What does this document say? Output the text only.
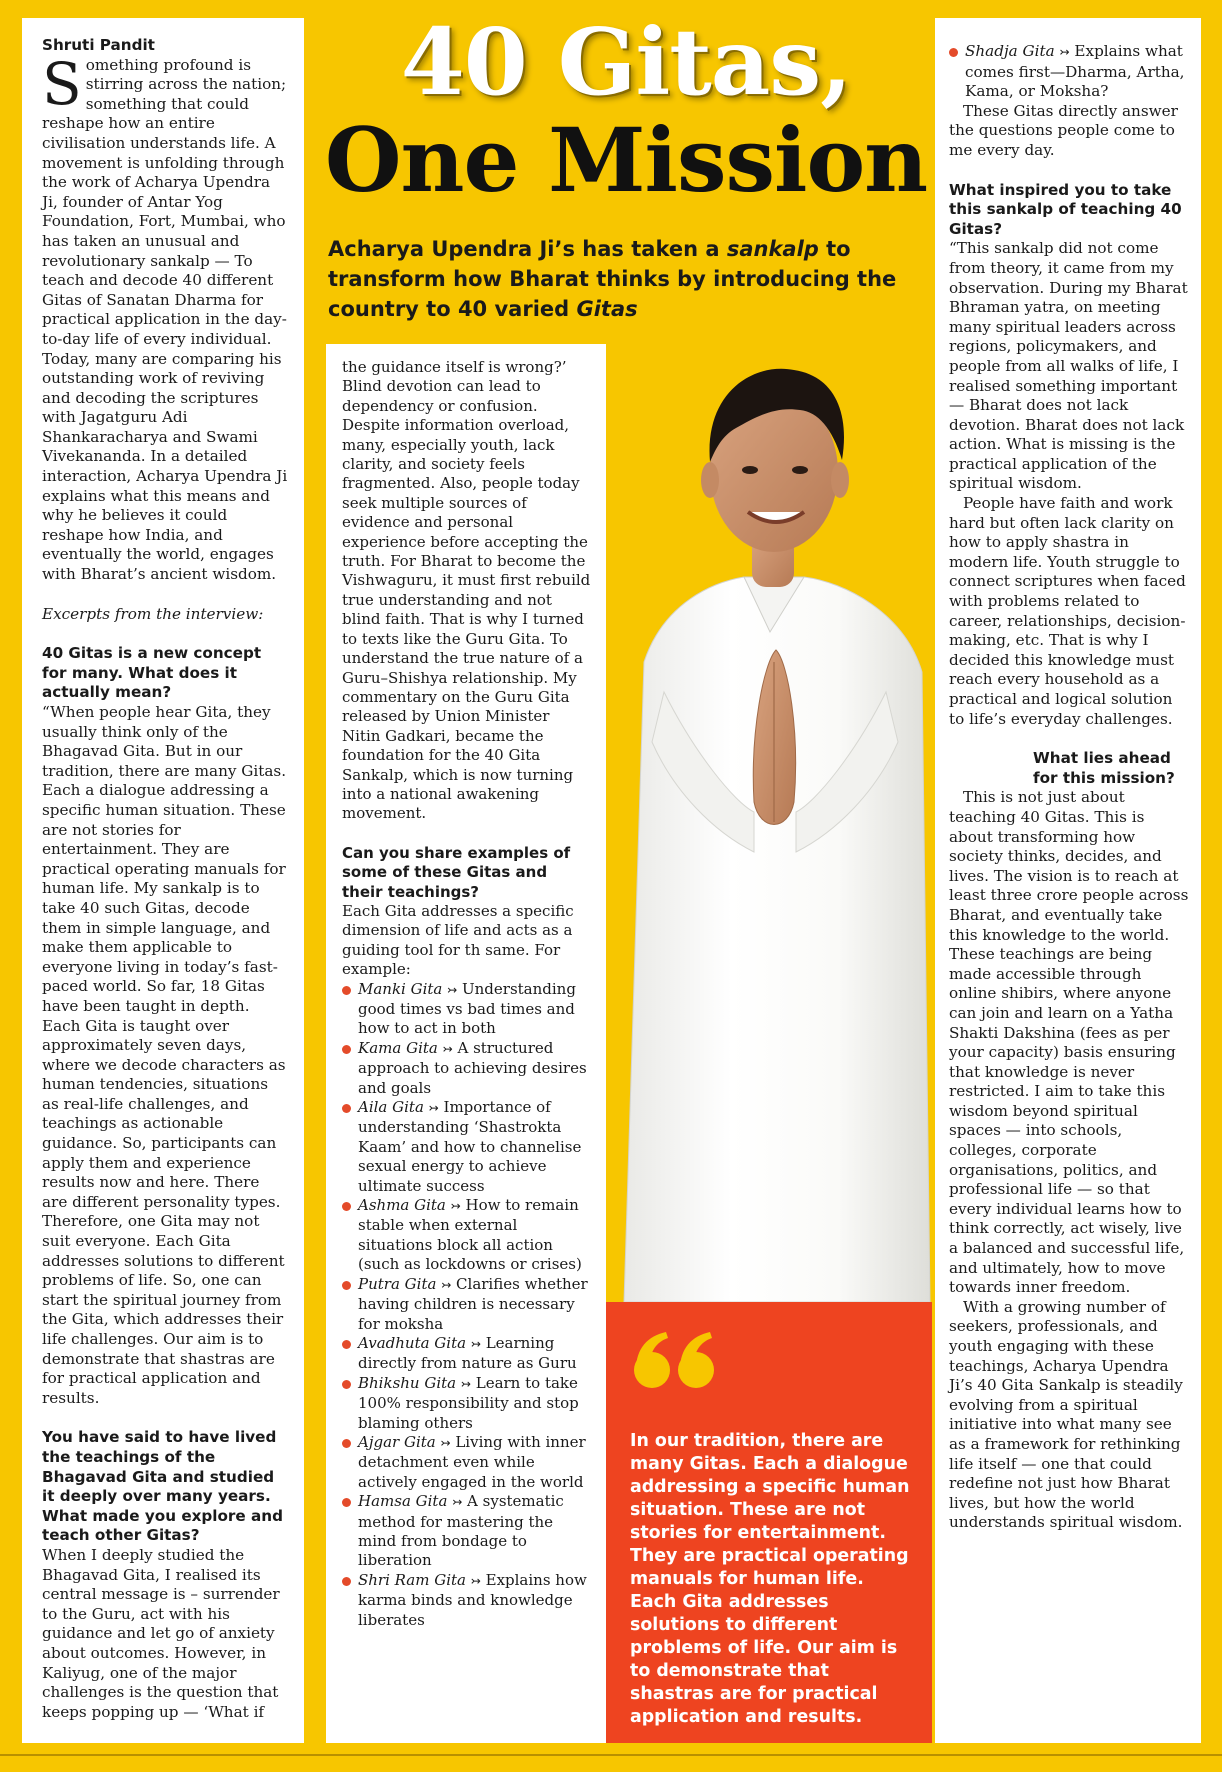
40 Gitas,
One Mission

Acharya Upendra Ji’s has taken a sankalp to transform how Bharat thinks by introducing the country to 40 varied Gitas

Shruti Pandit

Something profound is stirring across the nation; something that could reshape how an entire civilisation understands life. A movement is unfolding through the work of Acharya Upendra Ji, founder of Antar Yog Foundation, Fort, Mumbai, who has taken an unusual and revolutionary sankalp — To teach and decode 40 different Gitas of Sanatan Dharma for practical application in the day-to-day life of every individual. Today, many are comparing his outstanding work of reviving and decoding the scriptures with Jagatguru Adi Shankaracharya and Swami Vivekananda. In a detailed interaction, Acharya Upendra Ji explains what this means and why he believes it could reshape how India, and eventually the world, engages with Bharat’s ancient wisdom.

Excerpts from the interview:

40 Gitas is a new concept for many. What does it actually mean?

“When people hear Gita, they usually think only of the Bhagavad Gita. But in our tradition, there are many Gitas. Each a dialogue addressing a specific human situation. These are not stories for entertainment. They are practical operating manuals for human life. My sankalp is to take 40 such Gitas, decode them in simple language, and make them applicable to everyone living in today’s fast-paced world. So far, 18 Gitas have been taught in depth. Each Gita is taught over approximately seven days, where we decode characters as human tendencies, situations as real-life challenges, and teachings as actionable guidance. So, participants can apply them and experience results now and here. There are different personality types. Therefore, one Gita may not suit everyone. Each Gita addresses solutions to different problems of life. So, one can start the spiritual journey from the Gita, which addresses their life challenges. Our aim is to demonstrate that shastras are for practical application and results.

You have said to have lived the teachings of the Bhagavad Gita and studied it deeply over many years. What made you explore and teach other Gitas?

When I deeply studied the Bhagavad Gita, I realised its central message is – surrender to the Guru, act with his guidance and let go of anxiety about outcomes. However, in Kaliyug, one of the major challenges is the question that keeps popping up — ‘What if

the guidance itself is wrong?’ Blind devotion can lead to dependency or confusion. Despite information overload, many, especially youth, lack clarity, and society feels fragmented. Also, people today seek multiple sources of evidence and personal experience before accepting the truth. For Bharat to become the Vishwaguru, it must first rebuild true understanding and not blind faith. That is why I turned to texts like the Guru Gita. To understand the true nature of a Guru–Shishya relationship. My commentary on the Guru Gita released by Union Minister Nitin Gadkari, became the foundation for the 40 Gita Sankalp, which is now turning into a national awakening movement.

Can you share examples of some of these Gitas and their teachings?

Each Gita addresses a specific dimension of life and acts as a guiding tool for th same. For example:

Manki Gita ↣ Understanding good times vs bad times and how to act in both

Kama Gita ↣ A structured approach to achieving desires and goals

Aila Gita ↣ Importance of understanding ‘Shastrokta Kaam’ and how to channelise sexual energy to achieve ultimate success

Ashma Gita ↣ How to remain stable when external situations block all action (such as lockdowns or crises)

Putra Gita ↣ Clarifies whether having children is necessary for moksha

Avadhuta Gita ↣ Learning directly from nature as Guru

Bhikshu Gita ↣ Learn to take 100% responsibility and stop blaming others

Ajgar Gita ↣ Living with inner detachment even while actively engaged in the world

Hamsa Gita ↣ A systematic method for mastering the mind from bondage to liberation

Shri Ram Gita ↣ Explains how karma binds and knowledge liberates

In our tradition, there are many Gitas. Each a dialogue addressing a specific human situation. These are not stories for entertainment. They are practical operating manuals for human life. Each Gita addresses solutions to different problems of life. Our aim is to demonstrate that shastras are for practical application and results.

Shadja Gita ↣ Explains what comes first—Dharma, Artha, Kama, or Moksha?

These Gitas directly answer the questions people come to me every day.

What inspired you to take this sankalp of teaching 40 Gitas?

“This sankalp did not come from theory, it came from my observation. During my Bharat Bhraman yatra, on meeting many spiritual leaders across regions, policymakers, and people from all walks of life, I realised something important — Bharat does not lack devotion. Bharat does not lack action. What is missing is the practical application of the spiritual wisdom.

People have faith and work hard but often lack clarity on how to apply shastra in modern life. Youth struggle to connect scriptures when faced with problems related to career, relationships, decision-making, etc. That is why I decided this knowledge must reach every household as a practical and logical solution to life’s everyday challenges.

What lies ahead for this mission?

This is not just about teaching 40 Gitas. This is about transforming how society thinks, decides, and lives. The vision is to reach at least three crore people across Bharat, and eventually take this knowledge to the world. These teachings are being made accessible through online shibirs, where anyone can join and learn on a Yatha Shakti Dakshina (fees as per your capacity) basis ensuring that knowledge is never restricted. I aim to take this wisdom beyond spiritual spaces — into schools, colleges, corporate organisations, politics, and professional life — so that every individual learns how to think correctly, act wisely, live a balanced and successful life, and ultimately, how to move towards inner freedom.

With a growing number of seekers, professionals, and youth engaging with these teachings, Acharya Upendra Ji’s 40 Gita Sankalp is steadily evolving from a spiritual initiative into what many see as a framework for rethinking life itself — one that could redefine not just how Bharat lives, but how the world understands spiritual wisdom.
